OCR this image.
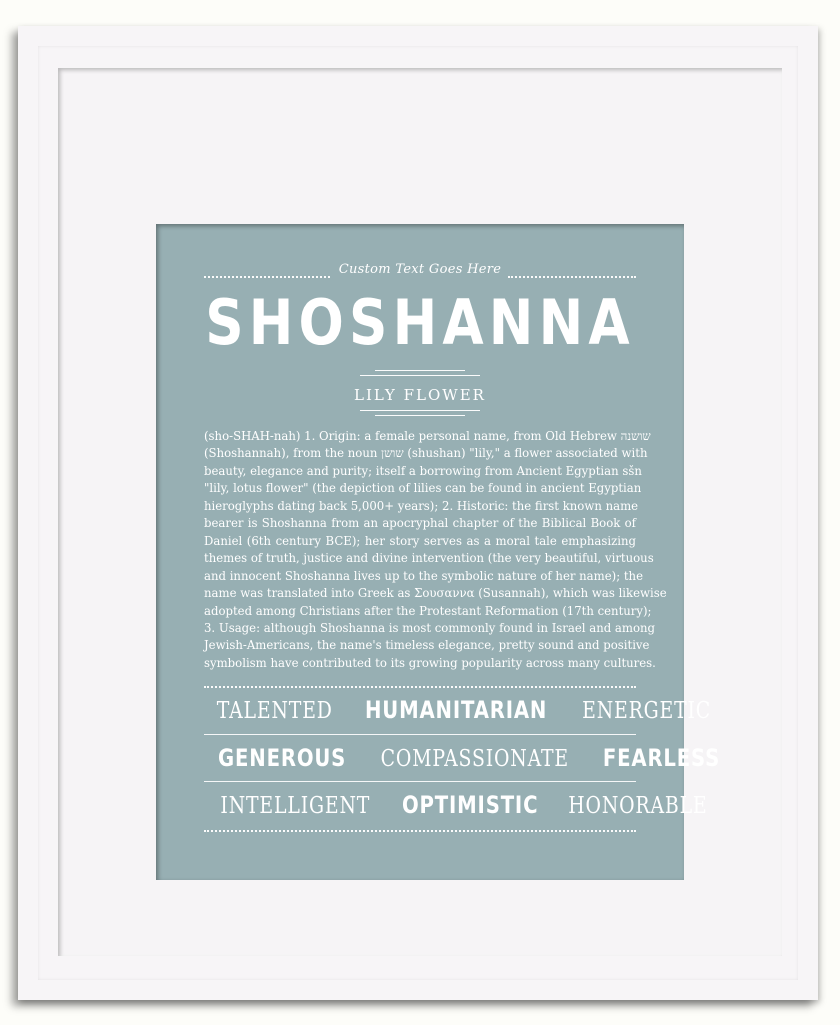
Custom Text Goes Here
SHOSHANNA
LILY FLOWER
(sho-SHAH-nah) 1. Origin: a female personal name, from Old Hebrew שושנה
(Shoshannah), from the noun שושן (shushan) "lily," a flower associated with
beauty, elegance and purity; itself a borrowing from Ancient Egyptian sšn
"lily, lotus flower" (the depiction of lilies can be found in ancient Egyptian
hieroglyphs dating back 5,000+ years); 2. Historic: the first known name
bearer is Shoshanna from an apocryphal chapter of the Biblical Book of
Daniel (6th century BCE); her story serves as a moral tale emphasizing
themes of truth, justice and divine intervention (the very beautiful, virtuous
and innocent Shoshanna lives up to the symbolic nature of her name); the
name was translated into Greek as Σουσαννα (Susannah), which was likewise
adopted among Christians after the Protestant Reformation (17th century);
3. Usage: although Shoshanna is most commonly found in Israel and among
Jewish-Americans, the name's timeless elegance, pretty sound and positive
symbolism have contributed to its growing popularity across many cultures.
TALENTED HUMANITARIAN ENERGETIC
GENEROUS COMPASSIONATE FEARLESS
INTELLIGENT OPTIMISTIC HONORABLE
